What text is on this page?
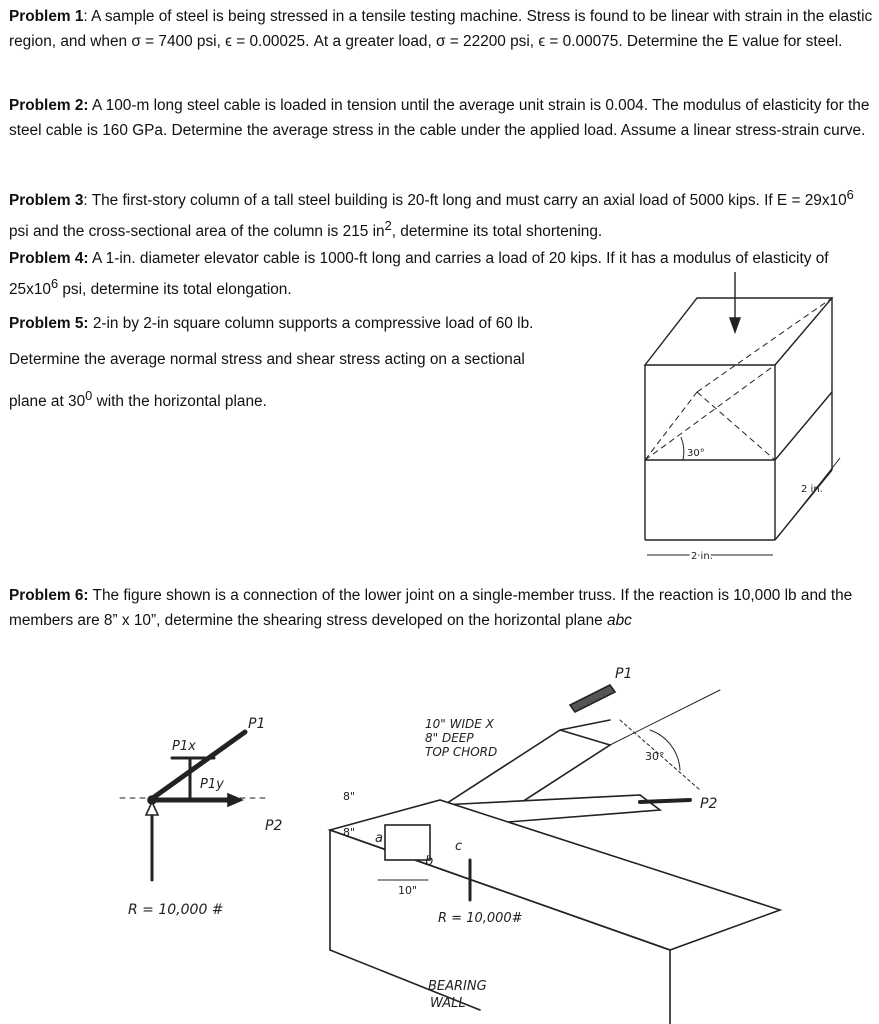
Problem 1: A sample of steel is being stressed in a tensile testing machine. Stress is found to be linear with strain in the elastic region, and when σ = 7400 psi, ϵ = 0.00025. At a greater load, σ = 22200 psi, ϵ = 0.00075. Determine the E value for steel.

Problem 2: A 100-m long steel cable is loaded in tension until the average unit strain is 0.004. The modulus of elasticity for the steel cable is 160 GPa. Determine the average stress in the cable under the applied load. Assume a linear stress-strain curve.

Problem 3: The first-story column of a tall steel building is 20-ft long and must carry an axial load of 5000 kips. If $E = 29x10^6$ psi and the cross-sectional area of the column is 215 $in^2$, determine its total shortening.

Problem 4: A 1-in. diameter elevator cable is 1000-ft long and carries a load of 20 kips. If it has a modulus of elasticity of $25x10^6$ psi, determine its total elongation.

Problem 5: 2-in by 2-in square column supports a compressive load of 60 lb.
Determine the average normal stress and shear stress acting on a sectional
plane at $30^0$ with the horizontal plane.
30°
2 in.
2 in.

Problem 6: The figure shown is a connection of the lower joint on a single-member truss. If the reaction is 10,000 lb and the members are 8” x 10”, determine the shearing stress developed on the horizontal plane abc

P1
P1x
P1y
P2
R = 10,000 #
P1
10" WIDE X
8" DEEP
TOP CHORD	30°
P2
8"
8"
10"
a
b
c
R = 10,000#
BEARING
WALL
